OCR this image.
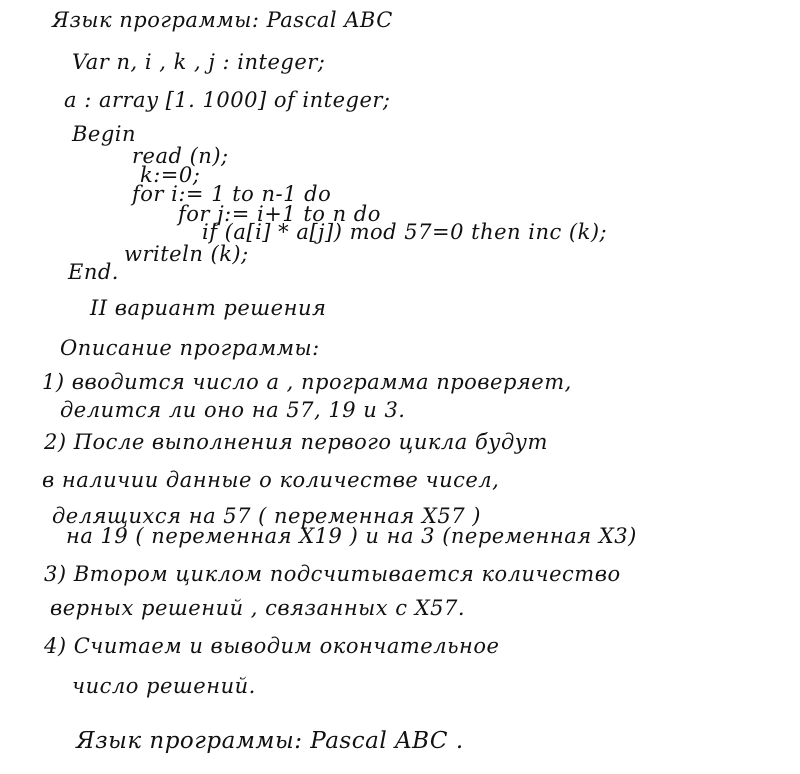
Язык программы: Pascal ABC
Var n, i , k , j : integer;
a : array [1. 1000] of integer;
Begin
read (n);
k:=0;
for i:= 1 to n-1 do
for j:= i+1 to n do
if (a[i] * a[j]) mod 57=0 then inc (k);
writeln (k);
End.
II вариант решения
Описание программы:
1) вводится число а , программа проверяет,
делится ли оно на 57, 19 и 3.
2) После выполнения первого цикла будут
в наличии данные о количестве чисел,
делящихся на 57 ( переменная X57 )
на 19 ( переменная X19 ) и на 3 (переменная X3)
3) Втором циклом подсчитывается количество
верных решений , связанных с X57.
4) Считаем и выводим окончательное
число решений.
Язык программы: Pascal ABC .
